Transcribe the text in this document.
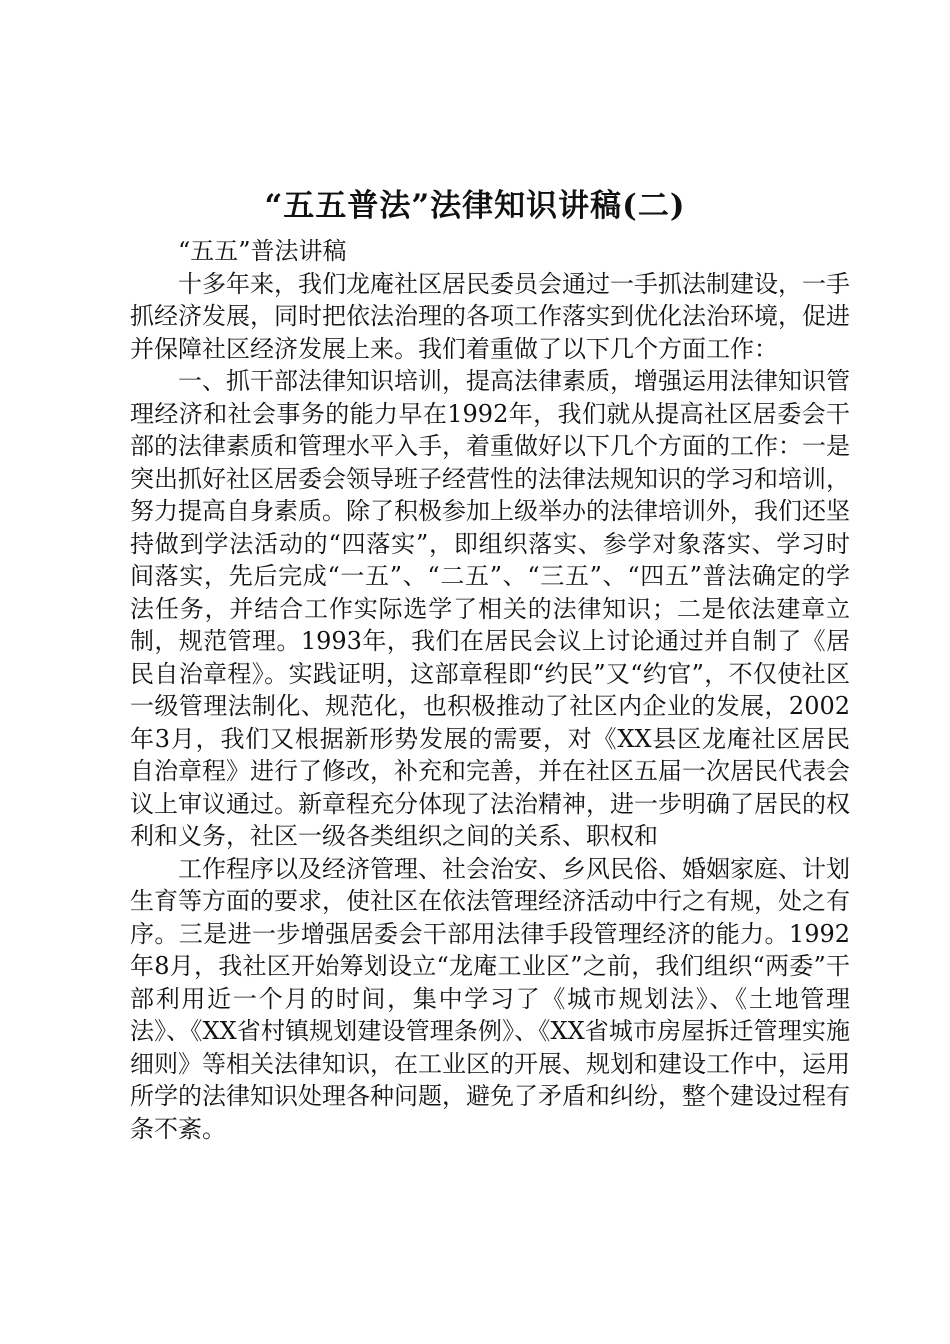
“五五普法”法律知识讲稿(二)

“五五”普法讲稿

十多年来，我们龙庵社区居民委员会通过一手抓法制建设，一手抓经济发展，同时把依法治理的各项工作落实到优化法治环境，促进并保障社区经济发展上来。我们着重做了以下几个方面工作：

一、抓干部法律知识培训，提高法律素质，增强运用法律知识管理经济和社会事务的能力早在1992年，我们就从提高社区居委会干部的法律素质和管理水平入手，着重做好以下几个方面的工作：一是突出抓好社区居委会领导班子经营性的法律法规知识的学习和培训，努力提高自身素质。除了积极参加上级举办的法律培训外，我们还坚持做到学法活动的“四落实”，即组织落实、参学对象落实、学习时间落实，先后完成“一五”、“二五”、“三五”、“四五”普法确定的学法任务，并结合工作实际选学了相关的法律知识；二是依法建章立制，规范管理。1993年，我们在居民会议上讨论通过并自制了《居民自治章程》。实践证明，这部章程即“约民”又“约官”，不仅使社区一级管理法制化、规范化，也积极推动了社区内企业的发展，2002年3月，我们又根据新形势发展的需要，对《XX县区龙庵社区居民自治章程》进行了修改，补充和完善，并在社区五届一次居民代表会议上审议通过。新章程充分体现了法治精神，进一步明确了居民的权利和义务，社区一级各类组织之间的关系、职权和

工作程序以及经济管理、社会治安、乡风民俗、婚姻家庭、计划生育等方面的要求，使社区在依法管理经济活动中行之有规，处之有序。三是进一步增强居委会干部用法律手段管理经济的能力。1992年8月，我社区开始筹划设立“龙庵工业区”之前，我们组织“两委”干部利用近一个月的时间，集中学习了《城市规划法》、《土地管理法》、《XX省村镇规划建设管理条例》、《XX省城市房屋拆迁管理实施细则》等相关法律知识，在工业区的开展、规划和建设工作中，运用所学的法律知识处理各种问题，避免了矛盾和纠纷，整个建设过程有条不紊。
